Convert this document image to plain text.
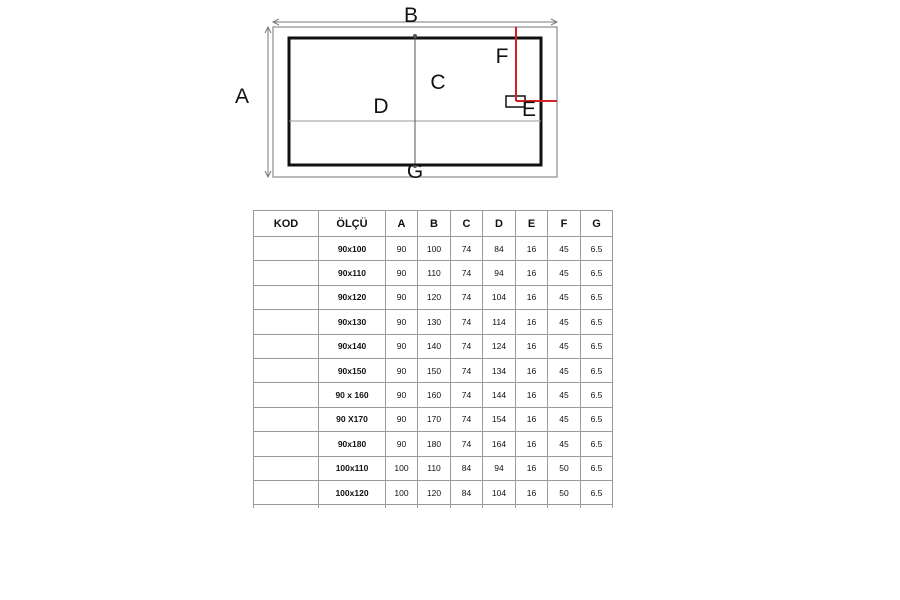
B
A
C
D
F
E
G
KOD	ÖLÇÜ	A	B	C	D	E	F	G
	90x100	90	100	74	84	16	45	6.5
	90x110	90	110	74	94	16	45	6.5
	90x120	90	120	74	104	16	45	6.5
	90x130	90	130	74	114	16	45	6.5
	90x140	90	140	74	124	16	45	6.5
	90x150	90	150	74	134	16	45	6.5
	90 x 160	90	160	74	144	16	45	6.5
	90 X170	90	170	74	154	16	45	6.5
	90x180	90	180	74	164	16	45	6.5
	100x110	100	110	84	94	16	50	6.5
	100x120	100	120	84	104	16	50	6.5
